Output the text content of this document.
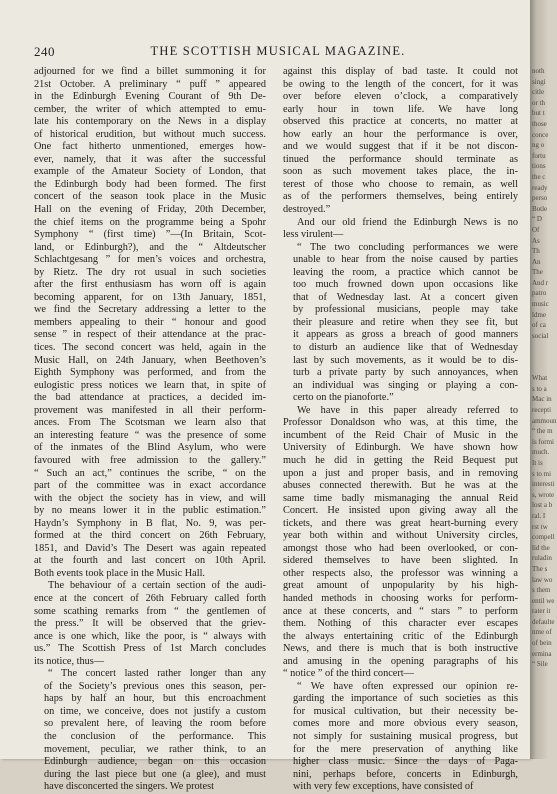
240	THE SCOTTISH MUSICAL MAGAZINE.
adjourned for we find a billet summoning it for
21st October. A preliminary “ puff ” appeared
in the Edinburgh Evening Courant of 9th De-
cember, the writer of which attempted to emu-
late his contemporary on the News in a display
of historical erudition, but without much success.
One fact hitherto unmentioned, emerges how-
ever, namely, that it was after the successful
example of the Amateur Society of London, that
the Edinburgh body had been formed. The first
concert of the season took place in the Music
Hall on the evening of Friday, 20th December,
the chief items on the programme being a Spohr
Symphony “ (first time) ”—(In Britain, Scot-
land, or Edinburgh?), and the “ Altdeutscher
Schlachtgesang ” for men’s voices and orchestra,
by Rietz. The dry rot usual in such societies
after the first enthusiasm has worn off is again
becoming apparent, for on 13th January, 1851,
we find the Secretary addressing a letter to the
members appealing to their “ honour and good
sense ” in respect of their attendance at the prac-
tices. The second concert was held, again in the
Music Hall, on 24th January, when Beethoven’s
Eighth Symphony was performed, and from the
eulogistic press notices we learn that, in spite of
the bad attendance at practices, a decided im-
provement was manifested in all their perform-
ances. From The Scotsman we learn also that
an interesting feature “ was the presence of some
of the inmates of the Blind Asylum, who were
favoured with free admission to the gallery.”
“ Such an act,” continues the scribe, “ on the
part of the committee was in exact accordance
with the object the society has in view, and will
by no means lower it in the public estimation.”
Haydn’s Symphony in B flat, No. 9, was per-
formed at the third concert on 26th February,
1851, and David’s The Desert was again repeated
at the fourth and last concert on 10th April.
Both events took place in the Music Hall.
The behaviour of a certain section of the audi-
ence at the concert of 26th February called forth
some scathing remarks from “ the gentlemen of
the press.” It will be observed that the griev-
ance is one which, like the poor, is “ always with
us.” The Scottish Press of 1st March concludes
its notice, thus—
“ The concert lasted rather longer than any
of the Society’s previous ones this season, per-
haps by half an hour, but this encroachment
on time, we conceive, does not justify a custom
so prevalent here, of leaving the room before
the conclusion of the performance. This
movement, peculiar, we rather think, to an
Edinburgh audience, began on this occasion
during the last piece but one (a glee), and must
have disconcerted the singers. We protest
against this display of bad taste. It could not
be owing to the length of the concert, for it was
over before eleven o’clock, a comparatively
early hour in town life. We have long
observed this practice at concerts, no matter at
how early an hour the performance is over,
and we would suggest that if it be not discon-
tinued the performance should terminate as
soon as such movement takes place, the in-
terest of those who choose to remain, as well
as of the performers themselves, being entirely
destroyed.”
And our old friend the Edinburgh News is no
less virulent—
“ The two concluding performances we were
unable to hear from the noise caused by parties
leaving the room, a practice which cannot be
too much frowned down upon occasions like
that of Wednesday last. At a concert given
by professional musicians, people may take
their pleasure and retire when they see fit, but
it appears as gross a breach of good manners
to disturb an audience like that of Wednesday
last by such movements, as it would be to dis-
turb a private party by such annoyances, when
an individual was singing or playing a con-
certo on the pianoforte.”
We have in this paper already referred to
Professor Donaldson who was, at this time, the
incumbent of the Reid Chair of Music in the
University of Edinburgh. We have shown how
much he did in getting the Reid Bequest put
upon a just and proper basis, and in removing
abuses connected therewith. But he was at the
same time badly mismanaging the annual Reid
Concert. He insisted upon giving away all the
tickets, and there was great heart-burning every
year both within and without University circles,
amongst those who had been overlooked, or con-
sidered themselves to have been slighted. In
other respects also, the professor was winning a
great amount of unpopularity by his high-
handed methods in choosing works for perform-
ance at these concerts, and “ stars ” to perform
them. Nothing of this character ever escapes
the always entertaining critic of the Edinburgh
News, and there is much that is both instructive
and amusing in the opening paragraphs of his
“ notice ” of the third concert—
“ We have often expressed our opinion re-
garding the importance of such societies as this
for musical cultivation, but their necessity be-
comes more and more obvious every season,
not simply for sustaining musical progress, but
for the mere preservation of anything like
higher class music. Since the days of Paga-
nini, perhaps before, concerts in Edinburgh,
with very few exceptions, have consisted of
noth
singi
citle
or th
but t
those
conce
ng o
fortu
tions
the c
ready
perso
Botle
“ D
Of
As
Th
An
The
And r
patro
music
ldme
of ca
social

What
s to a
Mac in
recepti
ammoun
“ the m
is formi
much.
It is
s to mi
interesti
s, wrote
lost a b
ral. I
rst tw
compell
lid the
ruladin
The s
law wo
s them
entil we
rater it
defaulte
nme of
of bein
ermina
“ Sile
